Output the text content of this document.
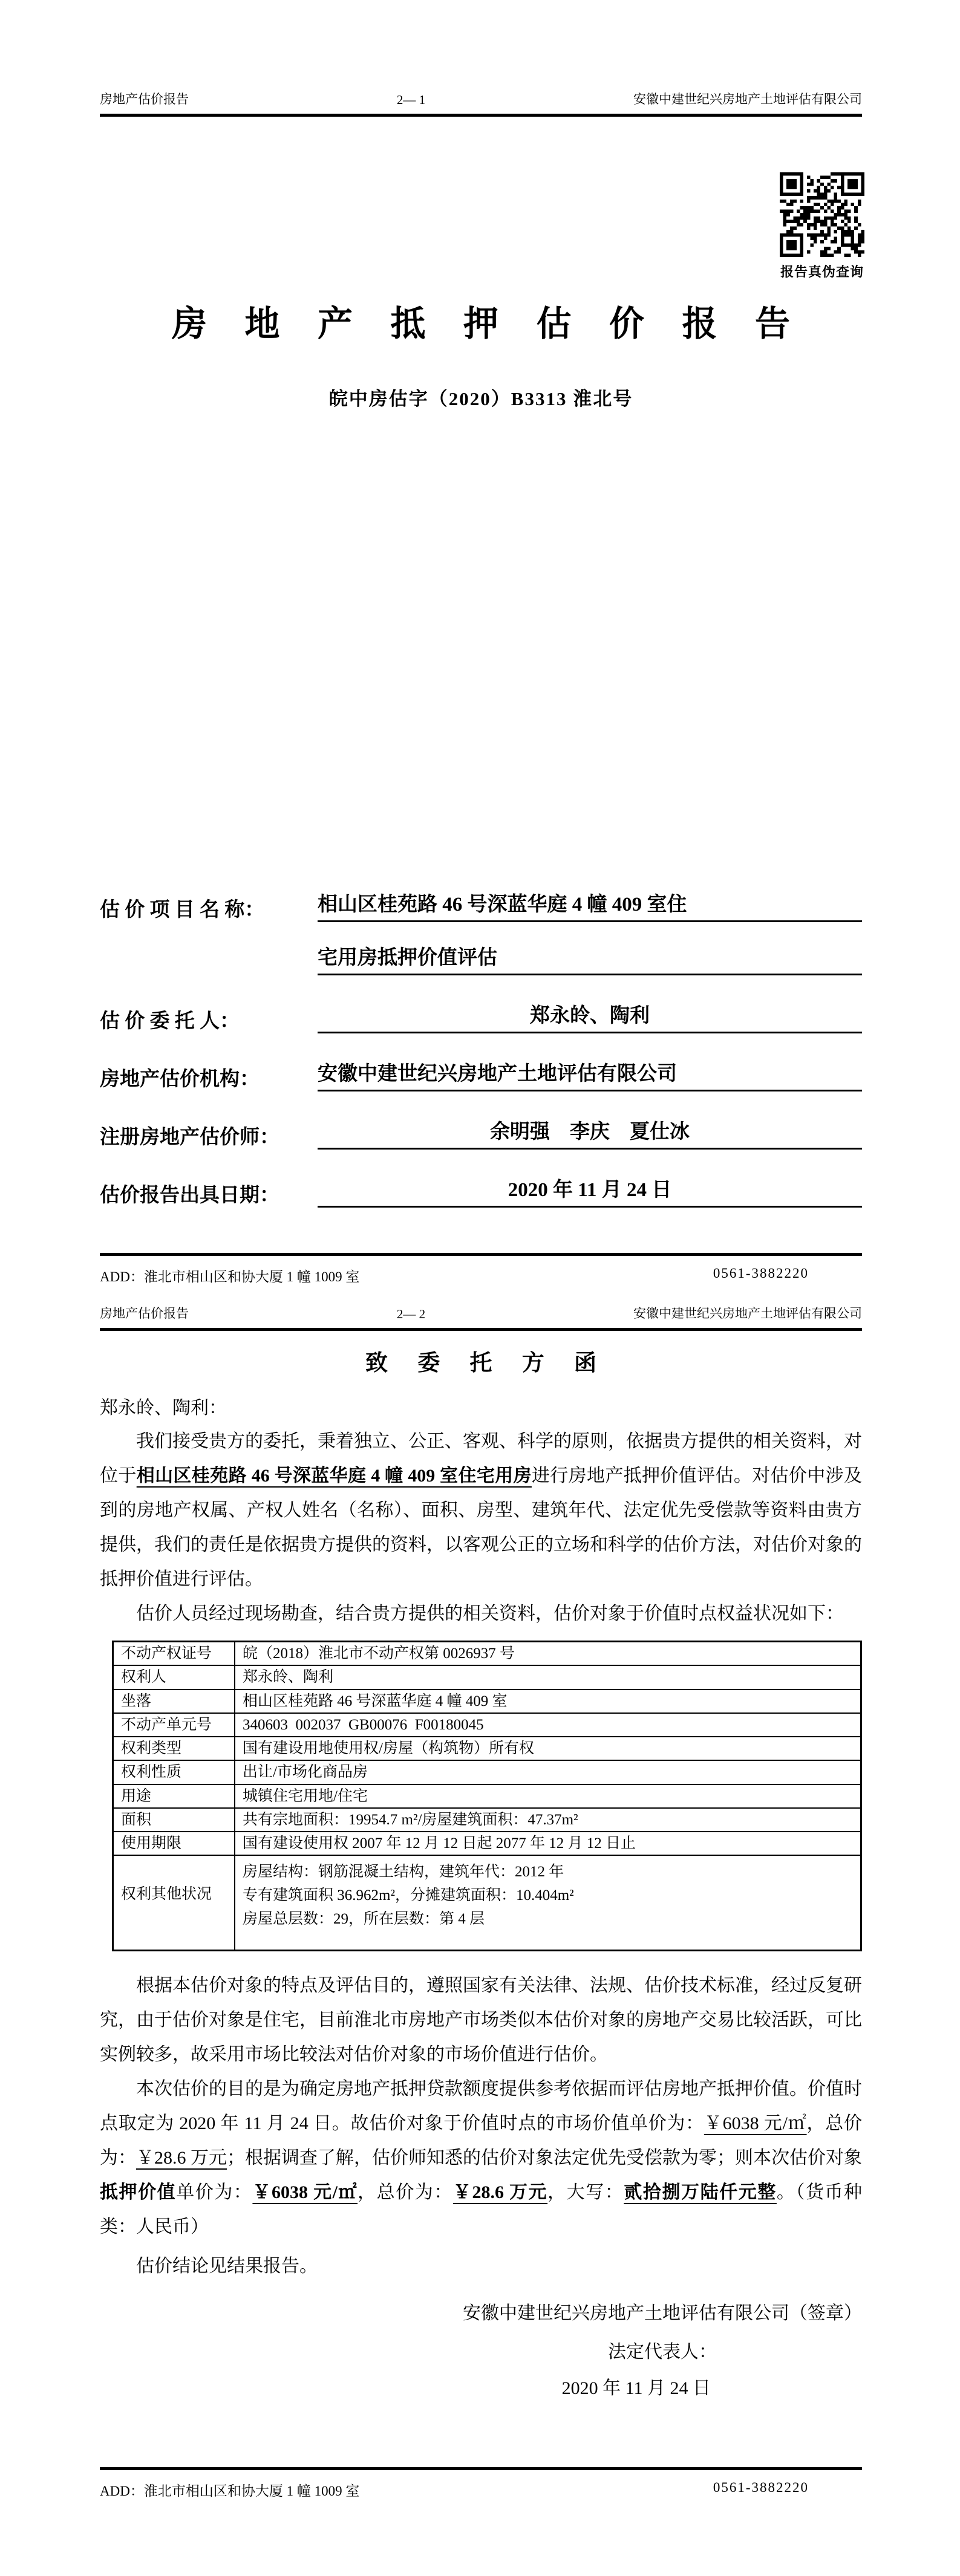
房地产估价报告	2— 1	安徽中建世纪兴房地产土地评估有限公司
报告真伪查询
房 地 产 抵 押 估 价 报 告
皖中房估字（2020）B3313 淮北号
估 价 项 目 名 称：	相山区桂苑路 46 号深蓝华庭 4 幢 409 室住
宅用房抵押价值评估
估 价 委 托 人：	郑永皊、陶利
房地产估价机构：	安徽中建世纪兴房地产土地评估有限公司
注册房地产估价师：	余明强　李庆　夏仕冰
估价报告出具日期：	2020 年 11 月 24 日
ADD：淮北市相山区和协大厦 1 幢 1009 室	0561-3882220
房地产估价报告	2— 2	安徽中建世纪兴房地产土地评估有限公司
致 委 托 方 函
郑永皊、陶利：
我们接受贵方的委托，秉着独立、公正、客观、科学的原则，依据贵方提供的相关资料，对位于相山区桂苑路 46 号深蓝华庭 4 幢 409 室住宅用房进行房地产抵押价值评估。对估价中涉及到的房地产权属、产权人姓名（名称）、面积、房型、建筑年代、法定优先受偿款等资料由贵方提供，我们的责任是依据贵方提供的资料，以客观公正的立场和科学的估价方法，对估价对象的抵押价值进行评估。
估价人员经过现场勘查，结合贵方提供的相关资料，估价对象于价值时点权益状况如下：
不动产权证号	皖（2018）淮北市不动产权第 0026937 号
权利人	郑永皊、陶利
坐落	相山区桂苑路 46 号深蓝华庭 4 幢 409 室
不动产单元号	340603  002037  GB00076  F00180045
权利类型	国有建设用地使用权/房屋（构筑物）所有权
权利性质	出让/市场化商品房
用途	城镇住宅用地/住宅
面积	共有宗地面积：19954.7 m²/房屋建筑面积：47.37m²
使用期限	国有建设使用权 2007 年 12 月 12 日起 2077 年 12 月 12 日止
权利其他状况	房屋结构：钢筋混凝土结构，建筑年代：2012 年
专有建筑面积 36.962m²，分摊建筑面积：10.404m²
房屋总层数：29，所在层数：第 4 层
根据本估价对象的特点及评估目的，遵照国家有关法律、法规、估价技术标准，经过反复研究，由于估价对象是住宅，目前淮北市房地产市场类似本估价对象的房地产交易比较活跃，可比实例较多，故采用市场比较法对估价对象的市场价值进行估价。
本次估价的目的是为确定房地产抵押贷款额度提供参考依据而评估房地产抵押价值。价值时点取定为 2020 年 11 月 24 日。故估价对象于价值时点的市场价值单价为：￥6038 元/㎡，总价为：￥28.6 万元；根据调查了解，估价师知悉的估价对象法定优先受偿款为零；则本次估价对象抵押价值单价为：￥6038 元/㎡，总价为：￥28.6 万元，大写：贰拾捌万陆仟元整。（货币种类：人民币）
估价结论见结果报告。
安徽中建世纪兴房地产土地评估有限公司（签章）
法定代表人：
2020 年 11 月 24 日
ADD：淮北市相山区和协大厦 1 幢 1009 室	0561-3882220
